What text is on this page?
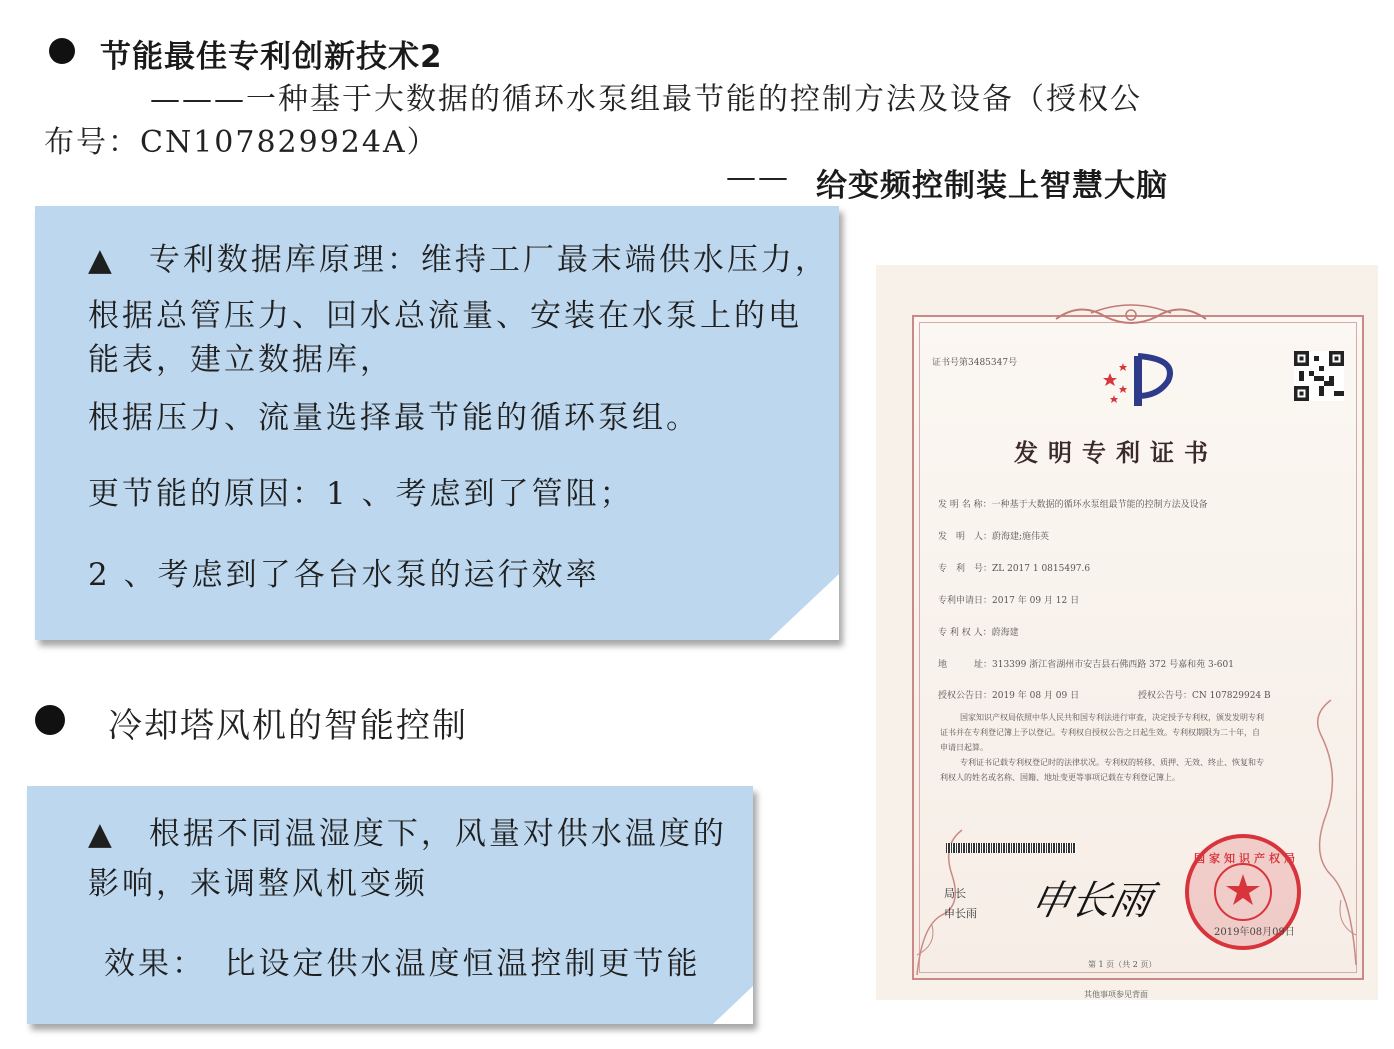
节能最佳专利创新技术2
———一种基于大数据的循环水泵组最节能的控制方法及设备（授权公
布号：CN107829924A）
—— 给变频控制装上智慧大脑
▲　专利数据库原理：维持工厂最末端供水压力，
根据总管压力、回水总流量、安装在水泵上的电
能表，建立数据库，
根据压力、流量选择最节能的循环泵组。
更节能的原因：1 、考虑到了管阻；
2 、考虑到了各台水泵的运行效率
冷却塔风机的智能控制
▲　根据不同温湿度下，风量对供水温度的
影响，来调整风机变频
效果：　比设定供水温度恒温控制更节能
证书号第3485347号
发明专利证书
发 明 名 称：一种基于大数据的循环水泵组最节能的控制方法及设备
发　明　人：蔚海建;施伟英
专　利　号：ZL 2017 1 0815497.6
专利申请日：2017 年 09 月 12 日
专 利 权 人：蔚海建
地　　　址：313399 浙江省湖州市安吉县石佛西路 372 号嘉和苑 3-601
授权公告日：2019 年 08 月 09 日	授权公告号：CN 107829924 B
国家知识产权局依照中华人民共和国专利法进行审查，决定授予专利权，颁发发明专利
证书并在专利登记簿上予以登记。专利权自授权公告之日起生效。专利权期限为二十年，自
申请日起算。
专利证书记载专利权登记时的法律状况。专利权的转移、质押、无效、终止、恢复和专
利权人的姓名或名称、国籍、地址变更等事项记载在专利登记簿上。
局长
申长雨 申长雨
国家知识产权局
2019年08月09日
第 1 页（共 2 页）
其他事项参见背面
